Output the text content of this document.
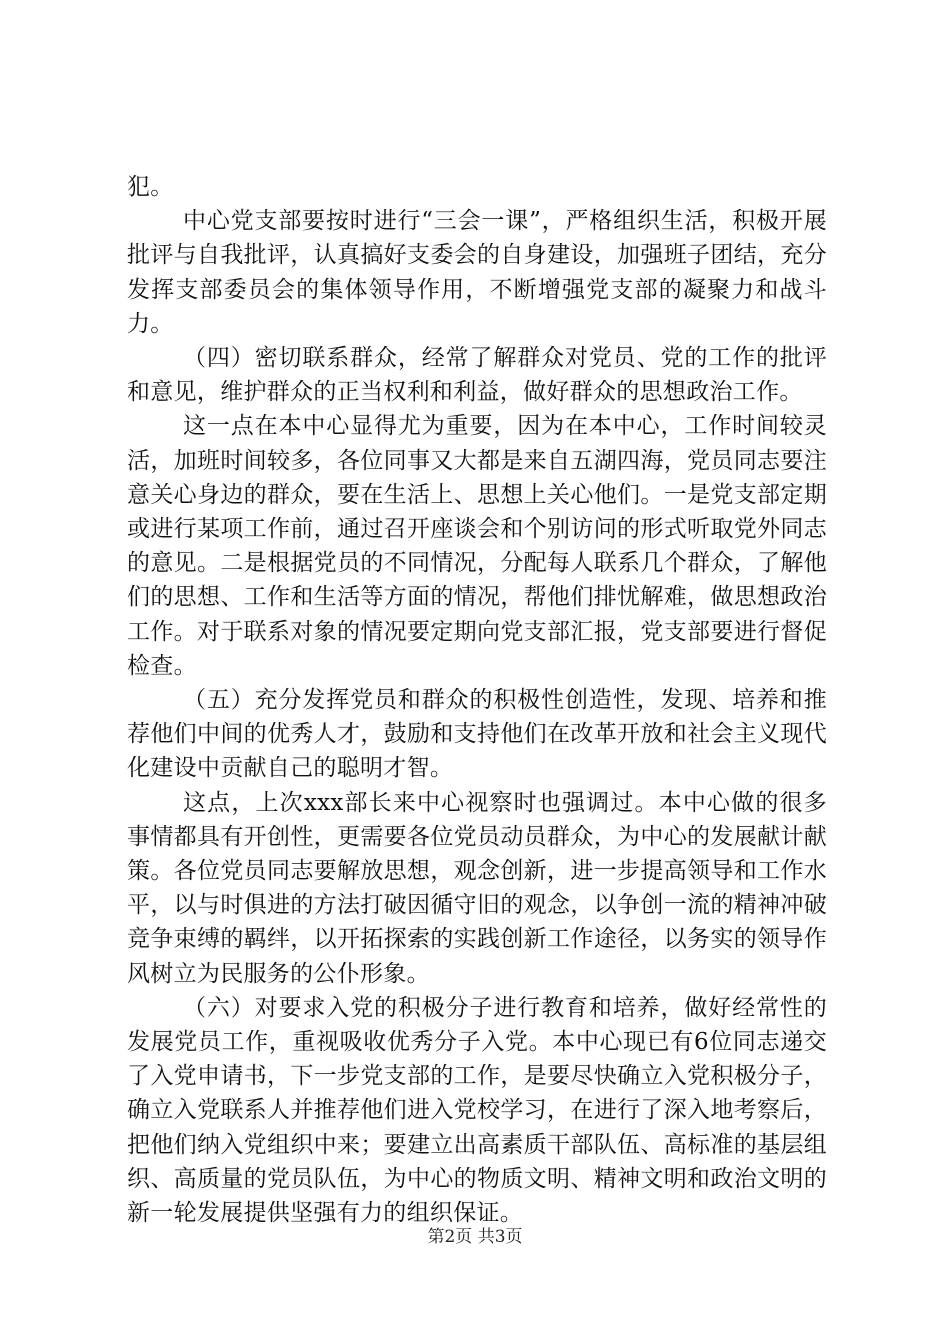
犯。

中心党支部要按时进行“三会一课”，严格组织生活，积极开展批评与自我批评，认真搞好支委会的自身建设，加强班子团结，充分发挥支部委员会的集体领导作用，不断增强党支部的凝聚力和战斗力。

（四）密切联系群众，经常了解群众对党员、党的工作的批评和意见，维护群众的正当权利和利益，做好群众的思想政治工作。

这一点在本中心显得尤为重要，因为在本中心，工作时间较灵活，加班时间较多，各位同事又大都是来自五湖四海，党员同志要注意关心身边的群众，要在生活上、思想上关心他们。一是党支部定期或进行某项工作前，通过召开座谈会和个别访问的形式听取党外同志的意见。二是根据党员的不同情况，分配每人联系几个群众，了解他们的思想、工作和生活等方面的情况，帮他们排忧解难，做思想政治工作。对于联系对象的情况要定期向党支部汇报，党支部要进行督促检查。

（五）充分发挥党员和群众的积极性创造性，发现、培养和推荐他们中间的优秀人才，鼓励和支持他们在改革开放和社会主义现代化建设中贡献自己的聪明才智。

这点，上次xxx部长来中心视察时也强调过。本中心做的很多事情都具有开创性，更需要各位党员动员群众，为中心的发展献计献策。各位党员同志要解放思想，观念创新，进一步提高领导和工作水平，以与时俱进的方法打破因循守旧的观念，以争创一流的精神冲破竞争束缚的羁绊，以开拓探索的实践创新工作途径，以务实的领导作风树立为民服务的公仆形象。

（六）对要求入党的积极分子进行教育和培养，做好经常性的发展党员工作，重视吸收优秀分子入党。本中心现已有6位同志递交了入党申请书，下一步党支部的工作，是要尽快确立入党积极分子，确立入党联系人并推荐他们进入党校学习，在进行了深入地考察后，把他们纳入党组织中来；要建立出高素质干部队伍、高标准的基层组织、高质量的党员队伍，为中心的物质文明、精神文明和政治文明的新一轮发展提供坚强有力的组织保证。

第2页 共3页
